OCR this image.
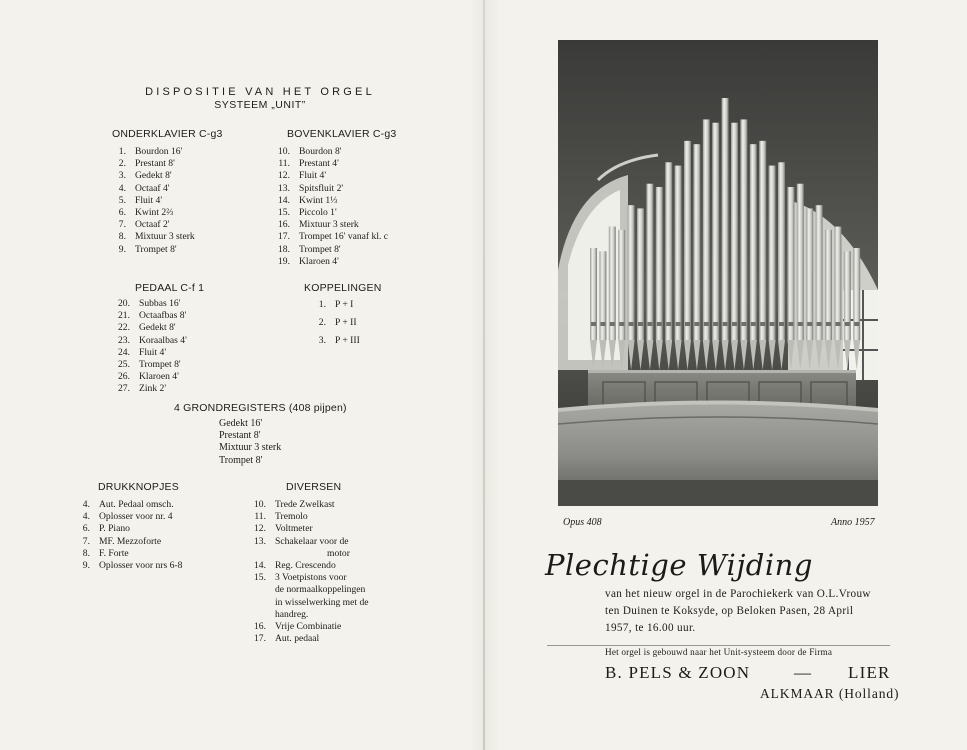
DISPOSITIE VAN HET ORGEL
SYSTEEM „UNIT”
ONDERKLAVIER C-g3
1. Bourdon 16'
2. Prestant 8'
3. Gedekt 8'
4. Octaaf 4'
5. Fluit 4'
6. Kwint 2⅔
7. Octaaf 2'
8. Mixtuur 3 sterk
9. Trompet 8'
BOVENKLAVIER C-g3
10. Bourdon 8'
11. Prestant 4'
12. Fluit 4'
13. Spitsfluit 2'
14. Kwint 1⅓
15. Piccolo 1'
16. Mixtuur 3 sterk
17. Trompet 16' vanaf kl. c
18. Trompet 8'
19. Klaroen 4'
PEDAAL C-f 1
20. Subbas 16'
21. Octaafbas 8'
22. Gedekt 8'
23. Koraalbas 4'
24. Fluit 4'
25. Trompet 8'
26. Klaroen 4'
27. Zink 2'
KOPPELINGEN
1. P + I
2. P + II
3. P + III
4 GRONDREGISTERS (408 pijpen)
Gedekt 16'
Prestant 8'
Mixtuur 3 sterk
Trompet 8'
DRUKKNOPJES
4. Aut. Pedaal omsch.
4. Oplosser voor nr. 4
6. P. Piano
7. MF. Mezzoforte
8. F. Forte
9. Oplosser voor nrs 6-8
DIVERSEN
10. Trede Zwelkast
11. Tremolo
12. Voltmeter
13. Schakelaar voor de
motor
14. Reg. Crescendo
15. 3 Voetpistons voor
de normaalkoppelingen
in wisselwerking met de
handreg.
16. Vrije Combinatie
17. Aut. pedaal
Opus 408	Anno 1957
Plechtige Wijding
van het nieuw orgel in de Parochiekerk van O.L.Vrouw
ten Duinen te Koksyde, op Beloken Pasen, 28 April
1957, te 16.00 uur.
Het orgel is gebouwd naar het Unit-systeem door de Firma
B. PELS & ZOON	— LIER
ALKMAAR (Holland)
